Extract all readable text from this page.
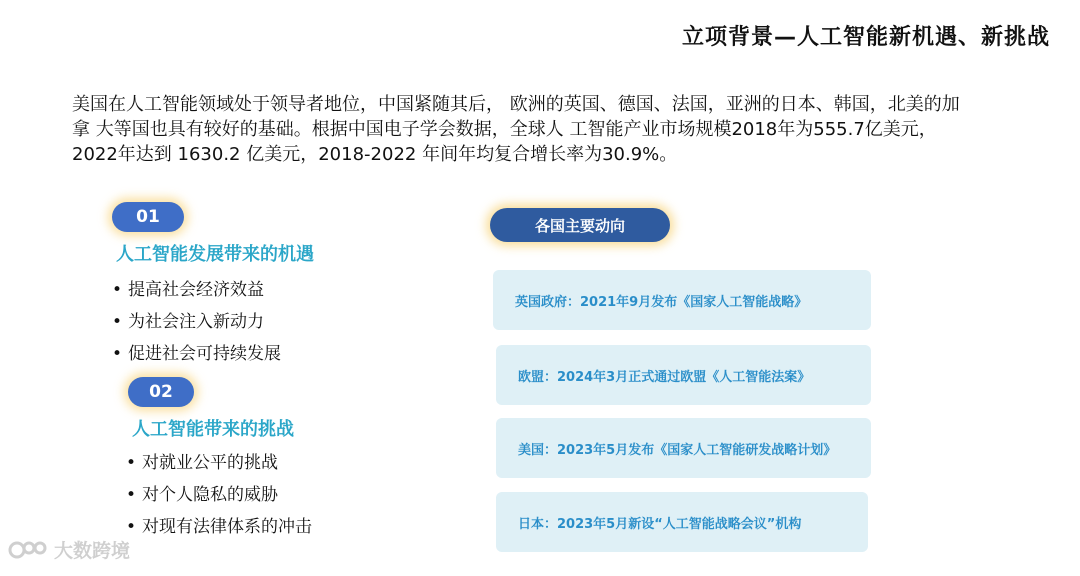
立项背景—人工智能新机遇、新挑战
美国在人工智能领域处于领导者地位，中国紧随其后， 欧洲的英国、德国、法国，亚洲的日本、韩国，北美的加拿 大等国也具有较好的基础。根据中国电子学会数据，全球人 工智能产业市场规模2018年为555.7亿美元，2022年达到 1630.2 亿美元，2018-2022 年间年均复合增长率为30.9%。
01
人工智能发展带来的机遇
• 提高社会经济效益
• 为社会注入新动力
• 促进社会可持续发展
02
人工智能带来的挑战
• 对就业公平的挑战
• 对个人隐私的威胁
• 对现有法律体系的冲击
各国主要动向
英国政府：2021年9月发布《国家人工智能战略》
欧盟：2024年3月正式通过欧盟《人工智能法案》
美国：2023年5月发布《国家人工智能研发战略计划》
日本：2023年5月新设“人工智能战略会议”机构
大数跨境
